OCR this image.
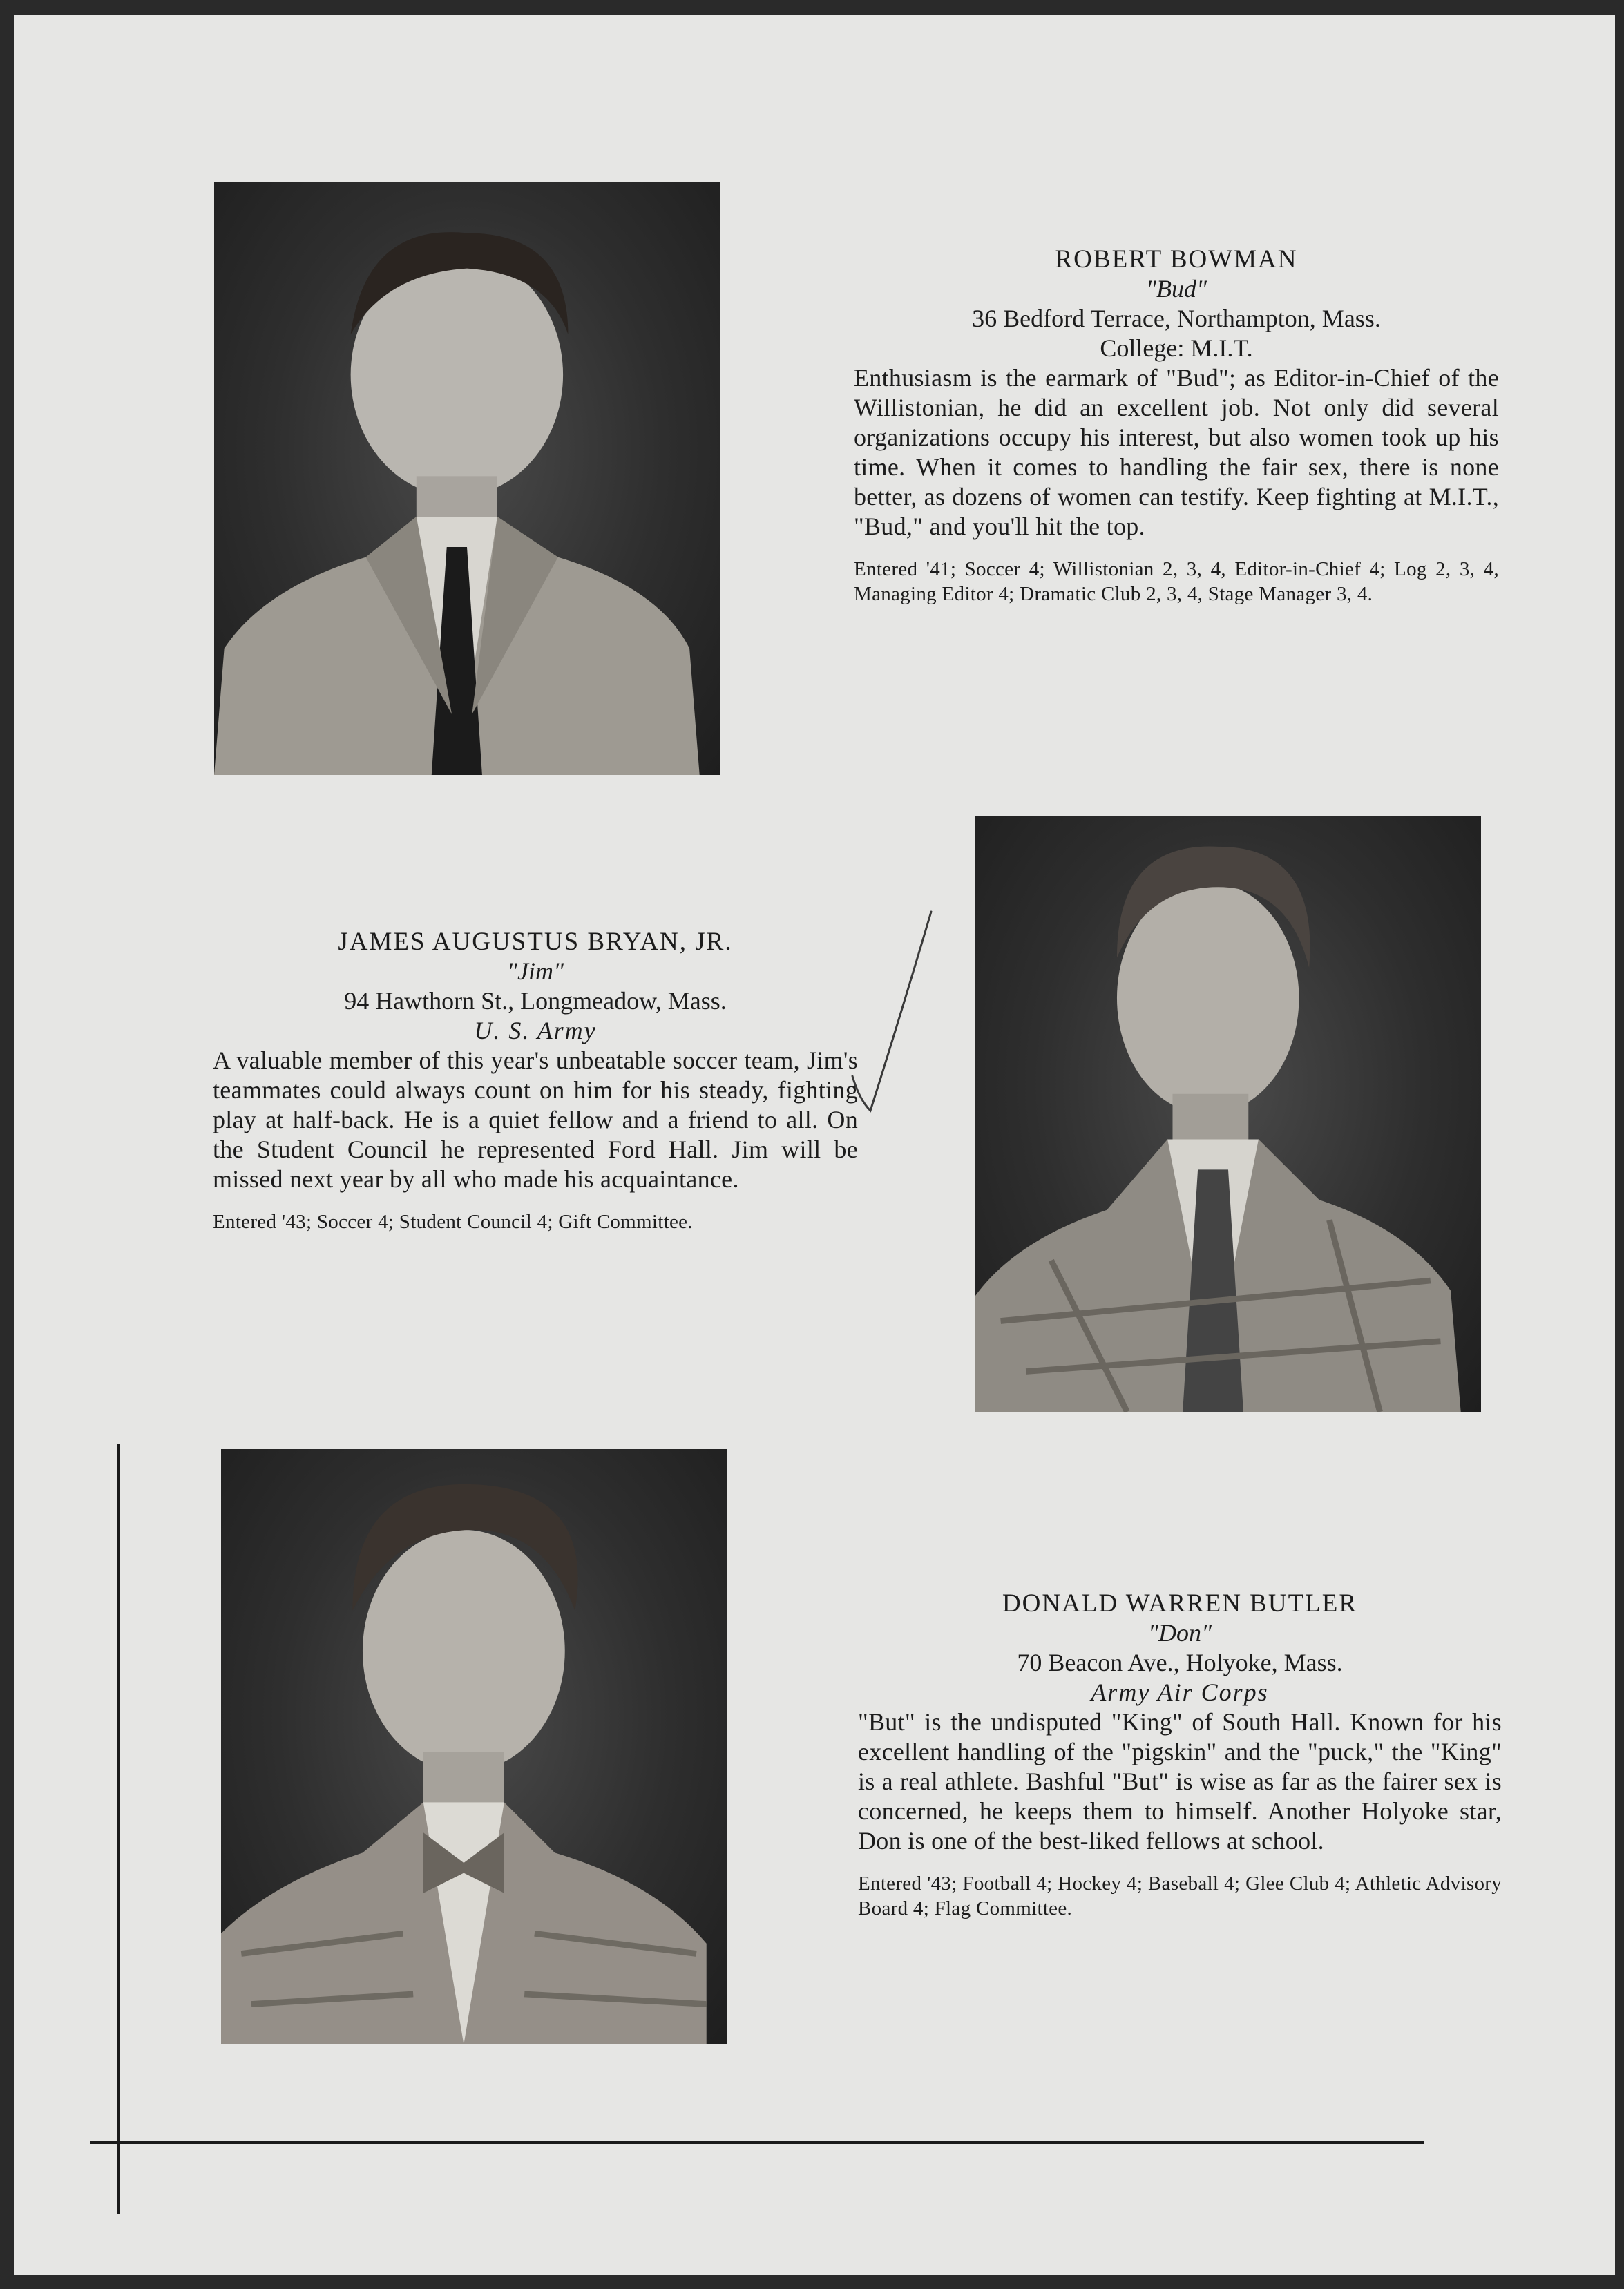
ROBERT BOWMAN
"Bud"
36 Bedford Terrace, Northampton, Mass.
College: M.I.T.
Enthusiasm is the earmark of "Bud"; as Editor-in-Chief of the Willistonian, he did an excellent job. Not only did several organizations occupy his interest, but also women took up his time. When it comes to handling the fair sex, there is none better, as dozens of women can testify. Keep fighting at M.I.T., "Bud," and you'll hit the top.
Entered '41; Soccer 4; Willistonian 2, 3, 4, Editor-in-Chief 4; Log 2, 3, 4, Managing Editor 4; Dramatic Club 2, 3, 4, Stage Manager 3, 4.
JAMES AUGUSTUS BRYAN, JR.
"Jim"
94 Hawthorn St., Longmeadow, Mass.
U. S. Army
A valuable member of this year's unbeatable soccer team, Jim's teammates could always count on him for his steady, fighting play at half-back. He is a quiet fellow and a friend to all. On the Student Council he represented Ford Hall. Jim will be missed next year by all who made his acquaintance.
Entered '43; Soccer 4; Student Council 4; Gift Committee.
DONALD WARREN BUTLER
"Don"
70 Beacon Ave., Holyoke, Mass.
Army Air Corps
"But" is the undisputed "King" of South Hall. Known for his excellent handling of the "pigskin" and the "puck," the "King" is a real athlete. Bashful "But" is wise as far as the fairer sex is concerned, he keeps them to himself. Another Holyoke star, Don is one of the best-liked fellows at school.
Entered '43; Football 4; Hockey 4; Baseball 4; Glee Club 4; Athletic Advisory Board 4; Flag Committee.
